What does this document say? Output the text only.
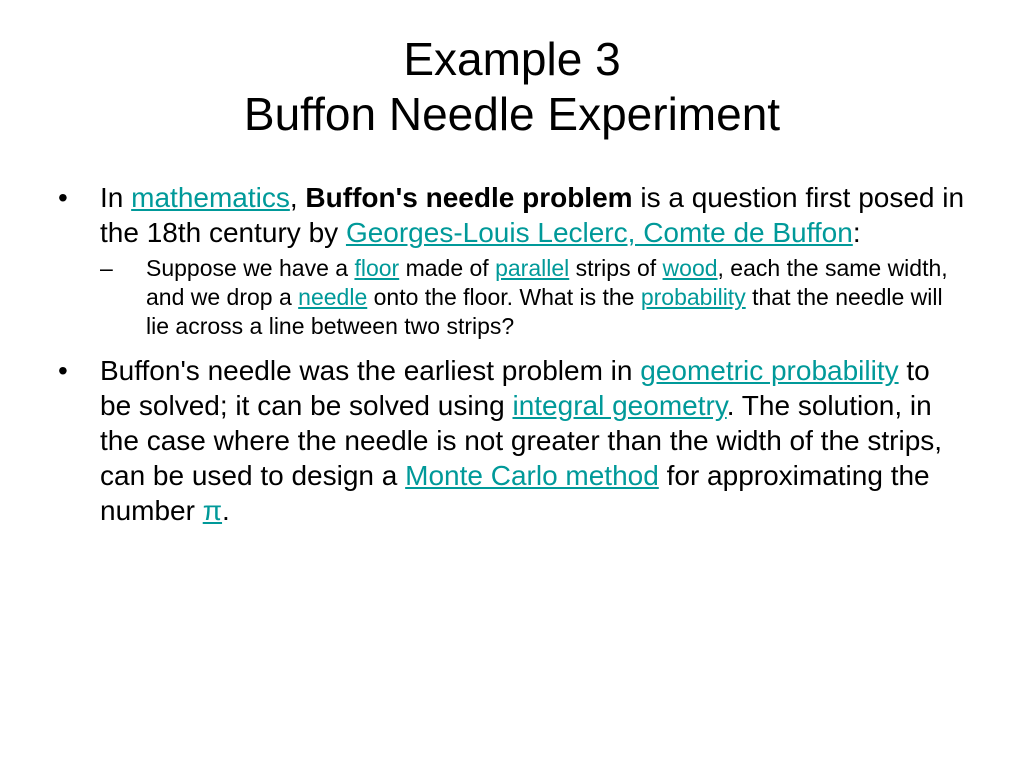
Example 3
Buffon Needle Experiment
• In mathematics, Buffon's needle problem is a question first posed in the 18th century by Georges-Louis Leclerc, Comte de Buffon:
– Suppose we have a floor made of parallel strips of wood, each the same width, and we drop a needle onto the floor. What is the probability that the needle will lie across a line between two strips?
• Buffon's needle was the earliest problem in geometric probability to be solved; it can be solved using integral geometry. The solution, in the case where the needle is not greater than the width of the strips, can be used to design a Monte Carlo method for approximating the number π.
